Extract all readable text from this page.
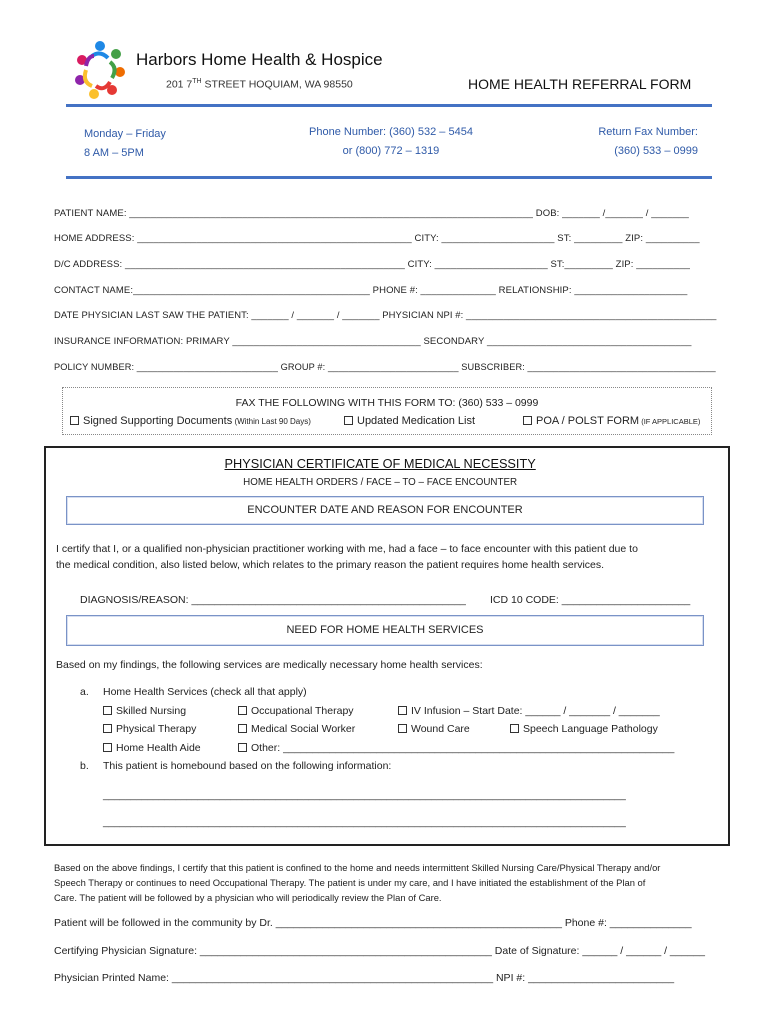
Harbors Home Health & Hospice
201 7TH STREET HOQUIAM, WA 98550	HOME HEALTH REFERRAL FORM
Monday – Friday
8 AM – 5PM
Phone Number: (360) 532 – 5454
or (800) 772 – 1319
Return Fax Number:
(360) 533 – 0999
PATIENT NAME: ___________________________________________________________________________ DOB: _______ /_______ / _______
HOME ADDRESS: ___________________________________________________ CITY: _____________________ ST: _________ ZIP: __________
D/C ADDRESS: ____________________________________________________ CITY: _____________________ ST:_________ ZIP: __________
CONTACT NAME:____________________________________________ PHONE #: ______________ RELATIONSHIP: _____________________
DATE PHYSICIAN LAST SAW THE PATIENT: _______ / _______ / _______ PHYSICIAN NPI #: _______________________________________________
INSURANCE INFORMATION: PRIMARY ___________________________________ SECONDARY ______________________________________
POLICY NUMBER: ___________________________ GROUP #: _________________________ SUBSCRIBER: ____________________________________
FAX THE FOLLOWING WITH THIS FORM TO: (360) 533 – 0999
Signed Supporting Documents (Within Last 90 Days)	Updated Medication List	POA / POLST FORM (IF APPLICABLE)
PHYSICIAN CERTIFICATE OF MEDICAL NECESSITY
HOME HEALTH ORDERS / FACE – TO – FACE ENCOUNTER
ENCOUNTER DATE AND REASON FOR ENCOUNTER
I certify that I, or a qualified non-physician practitioner working with me, had a face – to face encounter with this patient due to
the medical condition, also listed below, which relates to the primary reason the patient requires home health services.
DIAGNOSIS/REASON: _______________________________________________ ICD 10 CODE: ______________________
NEED FOR HOME HEALTH SERVICES
Based on my findings, the following services are medically necessary home health services:
a. Home Health Services (check all that apply)
Skilled Nursing	Occupational Therapy	IV Infusion – Start Date: ______ / _______ / _______
Physical Therapy	Medical Social Worker	Wound Care	Speech Language Pathology
Home Health Aide	Other: ___________________________________________________________________
b. This patient is homebound based on the following information:
______________________________________________________________________________________________
______________________________________________________________________________________________
Based on the above findings, I certify that this patient is confined to the home and needs intermittent Skilled Nursing Care/Physical Therapy and/or
Speech Therapy or continues to need Occupational Therapy. The patient is under my care, and I have initiated the establishment of the Plan of
Care. The patient will be followed by a physician who will periodically review the Plan of Care.
Patient will be followed in the community by Dr. _________________________________________________ Phone #: ______________
Certifying Physician Signature: __________________________________________________ Date of Signature: ______ / ______ / ______
Physician Printed Name: _______________________________________________________ NPI #: _________________________
